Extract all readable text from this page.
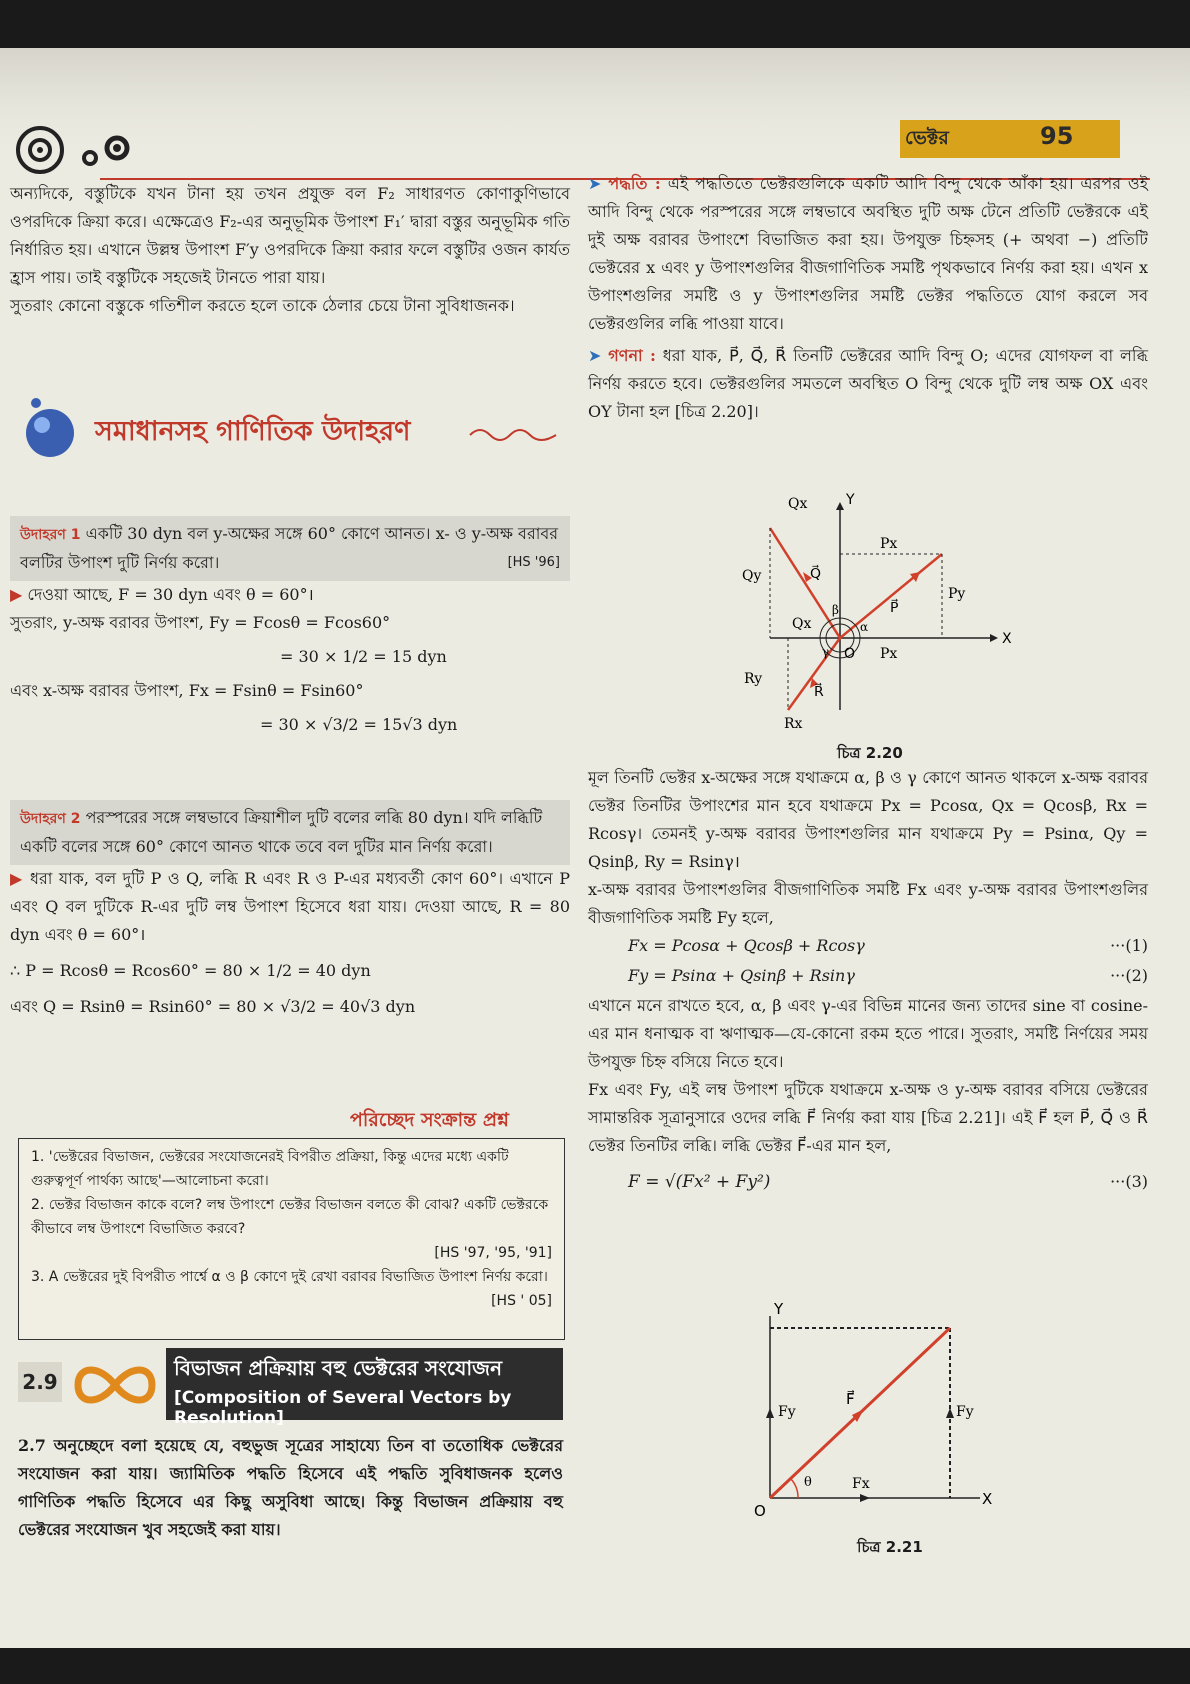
ভেক্টর	95

অন্যদিকে, বস্তুটিকে যখন টানা হয় তখন প্রযুক্ত বল F₂ সাধারণত কোণাকুণিভাবে ওপরদিকে ক্রিয়া করে। এক্ষেত্রেও F₂-এর অনুভূমিক উপাংশ F₁′ দ্বারা বস্তুর অনুভূমিক গতি নির্ধারিত হয়। এখানে উল্লম্ব উপাংশ F′y ওপরদিকে ক্রিয়া করার ফলে বস্তুটির ওজন কার্যত হ্রাস পায়। তাই বস্তুটিকে সহজেই টানতে পারা যায়।

সুতরাং কোনো বস্তুকে গতিশীল করতে হলে তাকে ঠেলার চেয়ে টানা সুবিধাজনক।

সমাধানসহ গাণিতিক উদাহরণ
উদাহরণ 1 একটি 30 dyn বল y-অক্ষের সঙ্গে 60° কোণে আনত। x- ও y-অক্ষ বরাবর বলটির উপাংশ দুটি নির্ণয় করো।	[HS '96]

▶ দেওয়া আছে, F = 30 dyn এবং θ = 60°।

সুতরাং, y-অক্ষ বরাবর উপাংশ, Fy = Fcosθ = Fcos60°

= 30 × 1/2 = 15 dyn

এবং x-অক্ষ বরাবর উপাংশ, Fx = Fsinθ = Fsin60°

= 30 × √3/2 = 15√3 dyn

উদাহরণ 2 পরস্পরের সঙ্গে লম্বভাবে ক্রিয়াশীল দুটি বলের লব্ধি 80 dyn। যদি লব্ধিটি একটি বলের সঙ্গে 60° কোণে আনত থাকে তবে বল দুটির মান নির্ণয় করো।

▶ ধরা যাক, বল দুটি P ও Q, লব্ধি R এবং R ও P-এর মধ্যবর্তী কোণ 60°। এখানে P এবং Q বল দুটিকে R-এর দুটি লম্ব উপাংশ হিসেবে ধরা যায়। দেওয়া আছে, R = 80 dyn এবং θ = 60°।

∴ P = Rcosθ = Rcos60° = 80 × 1/2 = 40 dyn

এবং Q = Rsinθ = Rsin60° = 80 × √3/2 = 40√3 dyn

পরিচ্ছেদ সংক্রান্ত প্রশ্ন

1. 'ভেক্টরের বিভাজন, ভেক্টরের সংযোজনেরই বিপরীত প্রক্রিয়া, কিন্তু এদের মধ্যে একটি গুরুত্বপূর্ণ পার্থক্য আছে'—আলোচনা করো।

2. ভেক্টর বিভাজন কাকে বলে? লম্ব উপাংশে ভেক্টর বিভাজন বলতে কী বোঝ? একটি ভেক্টরকে কীভাবে লম্ব উপাংশে বিভাজিত করবে?

[HS '97, '95, '91]

3. A ভেক্টরের দুই বিপরীত পার্শ্বে α ও β কোণে দুই রেখা বরাবর বিভাজিত উপাংশ নির্ণয় করো।

[HS ' 05]

2.9
বিভাজন প্রক্রিয়ায় বহু ভেক্টরের সংযোজন
[Composition of Several Vectors by Resolution]

2.7 অনুচ্ছেদে বলা হয়েছে যে, বহুভুজ সূত্রের সাহায্যে তিন বা ততোধিক ভেক্টরের সংযোজন করা যায়। জ্যামিতিক পদ্ধতি হিসেবে এই পদ্ধতি সুবিধাজনক হলেও গাণিতিক পদ্ধতি হিসেবে এর কিছু অসুবিধা আছে। কিন্তু বিভাজন প্রক্রিয়ায় বহু ভেক্টরের সংযোজন খুব সহজেই করা যায়।

➤ পদ্ধতি : এই পদ্ধতিতে ভেক্টরগুলিকে একটি আদি বিন্দু থেকে আঁকা হয়। এরপর ওই আদি বিন্দু থেকে পরস্পরের সঙ্গে লম্বভাবে অবস্থিত দুটি অক্ষ টেনে প্রতিটি ভেক্টরকে এই দুই অক্ষ বরাবর উপাংশে বিভাজিত করা হয়। উপযুক্ত চিহ্নসহ (+ অথবা −) প্রতিটি ভেক্টরের x এবং y উপাংশগুলির বীজগাণিতিক সমষ্টি পৃথকভাবে নির্ণয় করা হয়। এখন x উপাংশগুলির সমষ্টি ও y উপাংশগুলির সমষ্টি ভেক্টর পদ্ধতিতে যোগ করলে সব ভেক্টরগুলির লব্ধি পাওয়া যাবে।

➤ গণনা : ধরা যাক, P⃗, Q⃗, R⃗ তিনটি ভেক্টরের আদি বিন্দু O; এদের যোগফল বা লব্ধি নির্ণয় করতে হবে। ভেক্টরগুলির সমতলে অবস্থিত O বিন্দু থেকে দুটি লম্ব অক্ষ OX এবং OY টানা হল [চিত্র 2.20]।

Qx	Y
Qy	Q⃗
Px
Py
P⃗
Qx
O Px
X
Ry
R⃗
Rx
α
β
γ
চিত্র 2.20

মূল তিনটি ভেক্টর x-অক্ষের সঙ্গে যথাক্রমে α, β ও γ কোণে আনত থাকলে x-অক্ষ বরাবর ভেক্টর তিনটির উপাংশের মান হবে যথাক্রমে Px = Pcosα, Qx = Qcosβ, Rx = Rcosγ। তেমনই y-অক্ষ বরাবর উপাংশগুলির মান যথাক্রমে Py = Psinα, Qy = Qsinβ, Ry = Rsinγ।

x-অক্ষ বরাবর উপাংশগুলির বীজগাণিতিক সমষ্টি Fx এবং y-অক্ষ বরাবর উপাংশগুলির বীজগাণিতিক সমষ্টি Fy হলে,

Fx = Pcosα + Qcosβ + Rcosγ	···(1)
Fy = Psinα + Qsinβ + Rsinγ	···(2)

এখানে মনে রাখতে হবে, α, β এবং γ-এর বিভিন্ন মানের জন্য তাদের sine বা cosine-এর মান ধনাত্মক বা ঋণাত্মক—যে-কোনো রকম হতে পারে। সুতরাং, সমষ্টি নির্ণয়ের সময় উপযুক্ত চিহ্ন বসিয়ে নিতে হবে।

Fx এবং Fy, এই লম্ব উপাংশ দুটিকে যথাক্রমে x-অক্ষ ও y-অক্ষ বরাবর বসিয়ে ভেক্টরের সামান্তরিক সূত্রানুসারে ওদের লব্ধি F⃗ নির্ণয় করা যায় [চিত্র 2.21]। এই F⃗ হল P⃗, Q⃗ ও R⃗ ভেক্টর তিনটির লব্ধি। লব্ধি ভেক্টর F⃗-এর মান হল,

F = √(Fx² + Fy²)	···(3)
Y
F⃗
Fy	Fy
Fx
θ
O
X
চিত্র 2.21
